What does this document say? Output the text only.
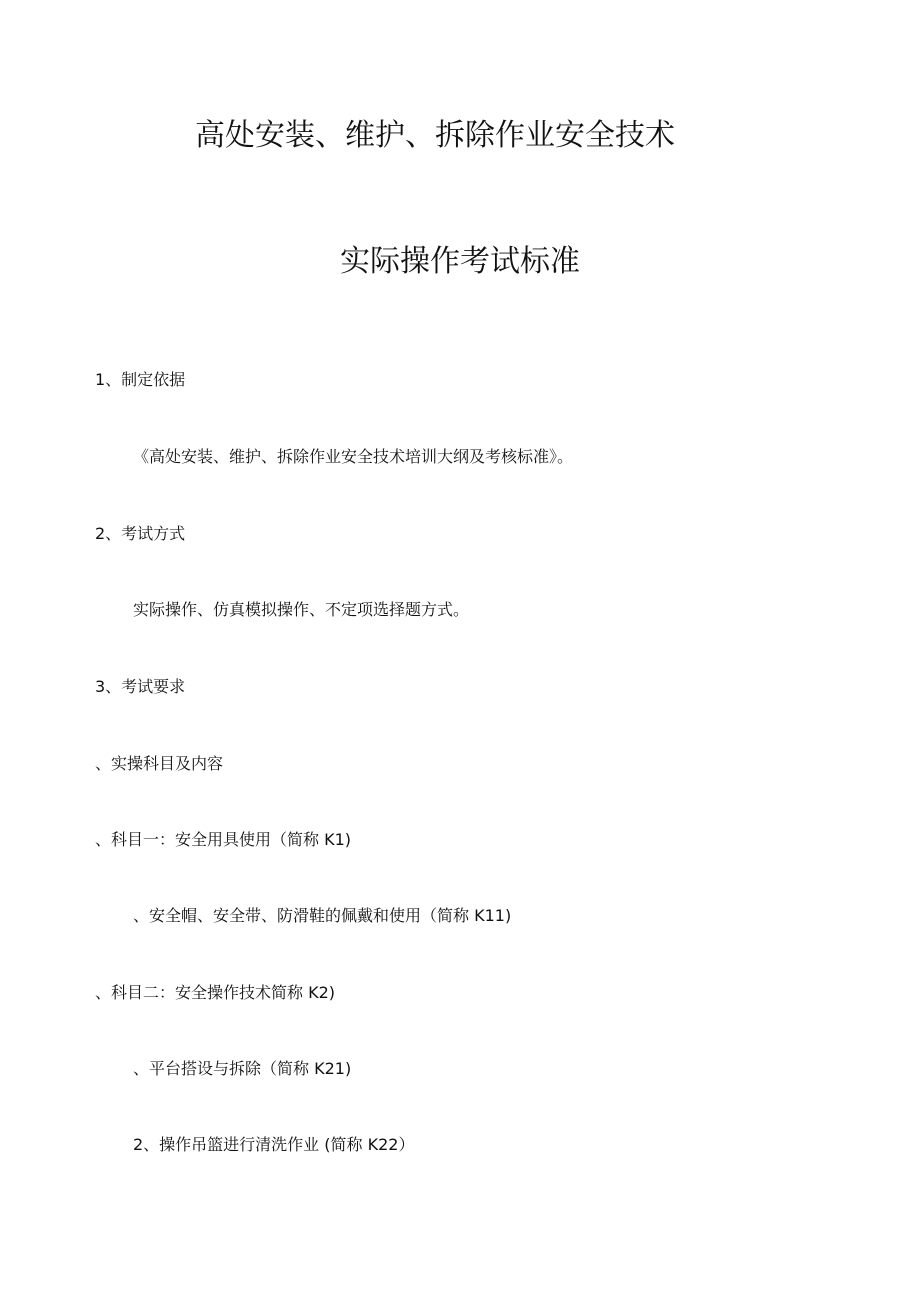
高处安装、维护、拆除作业安全技术
实际操作考试标准
1、制定依据
《高处安装、维护、拆除作业安全技术培训大纲及考核标准》。
2、考试方式
实际操作、仿真模拟操作、不定项选择题方式。
3、考试要求
、实操科目及内容
、科目一：安全用具使用（简称 K1)
、安全帽、安全带、防滑鞋的佩戴和使用（简称 K11)
、科目二：安全操作技术简称 K2)
、平台搭设与拆除（简称 K21)
2、操作吊篮进行清洗作业 (简称 K22）
